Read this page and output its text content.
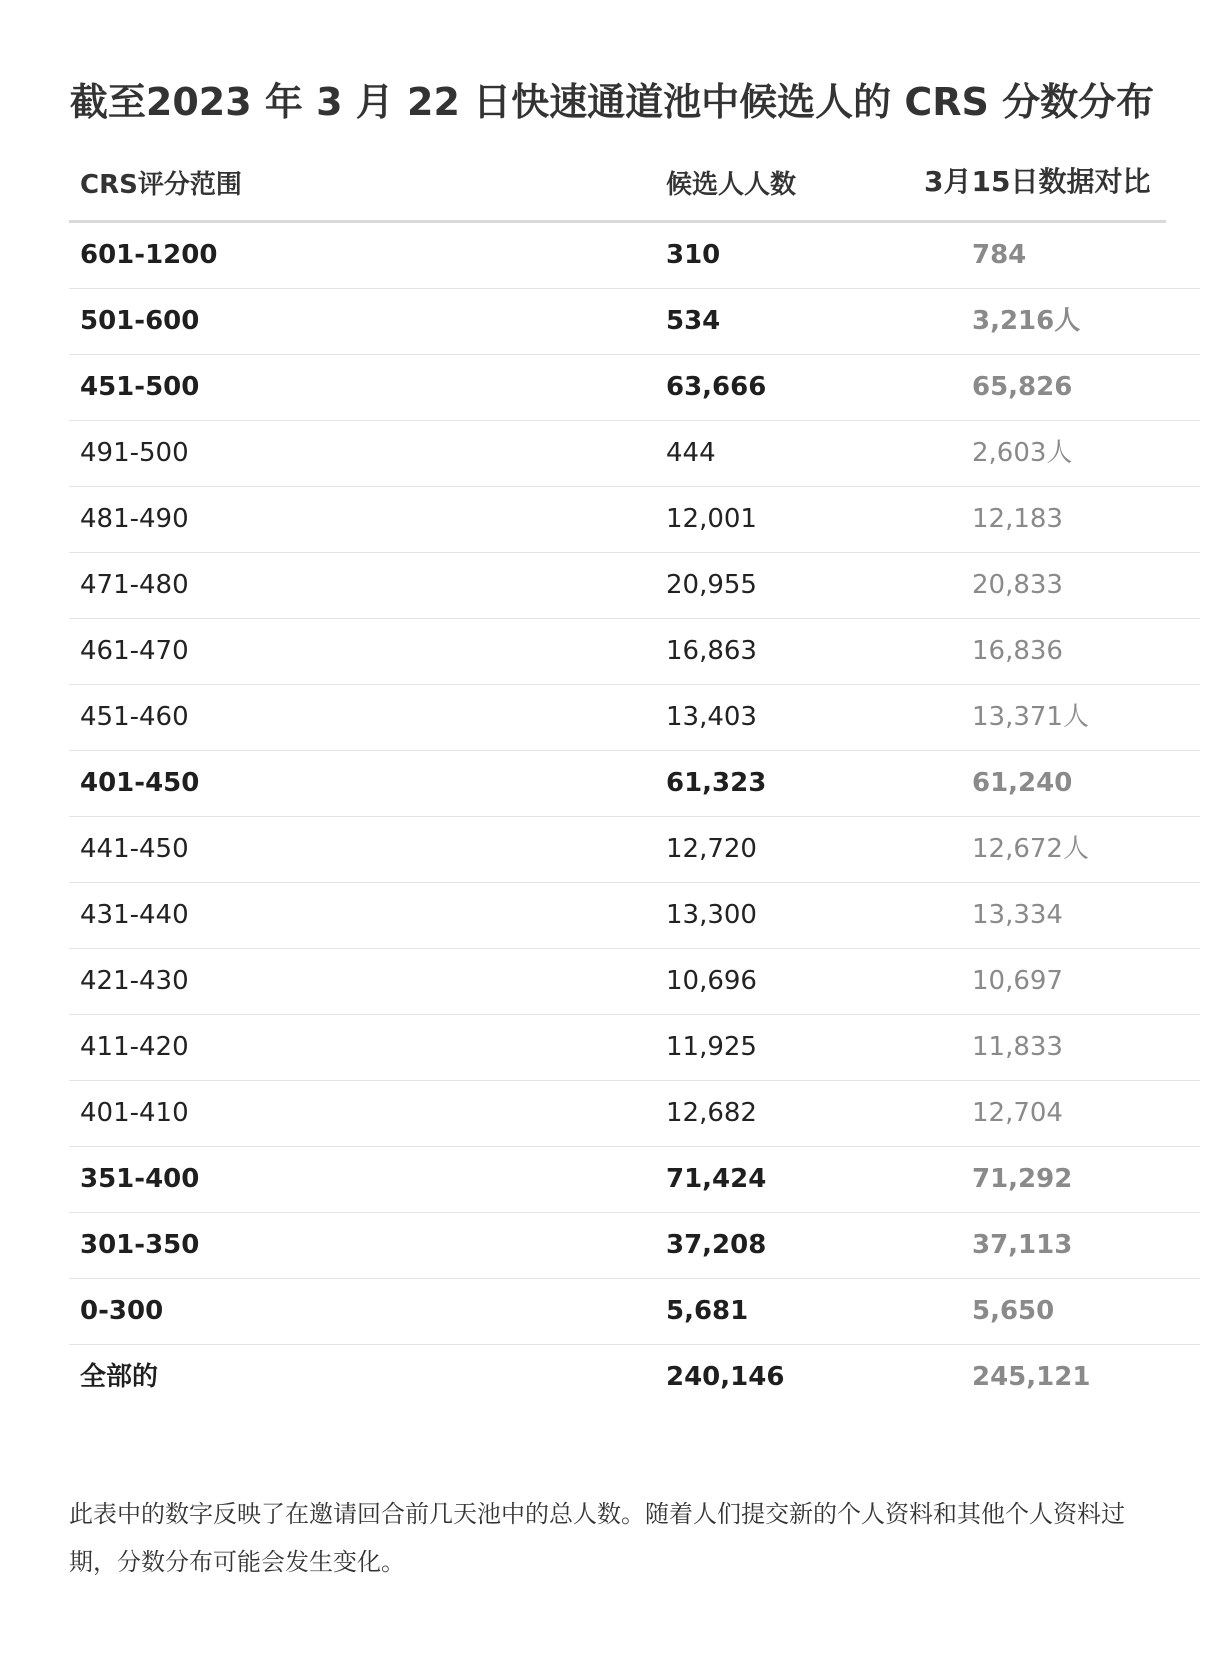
截至2023 年 3 月 22 日快速通道池中候选人的 CRS 分数分布
CRS评分范围	候选人人数	3月15日数据对比
601-1200	310	784
501-600	534	3,216人
451-500	63,666	65,826
491-500	444	2,603人
481-490	12,001	12,183
471-480	20,955	20,833
461-470	16,863	16,836
451-460	13,403	13,371人
401-450	61,323	61,240
441-450	12,720	12,672人
431-440	13,300	13,334
421-430	10,696	10,697
411-420	11,925	11,833
401-410	12,682	12,704
351-400	71,424	71,292
301-350	37,208	37,113
0-300	5,681	5,650
全部的	240,146	245,121
此表中的数字反映了在邀请回合前几天池中的总人数。随着人们提交新的个人资料和其他个人资料过期，分数分布可能会发生变化。
